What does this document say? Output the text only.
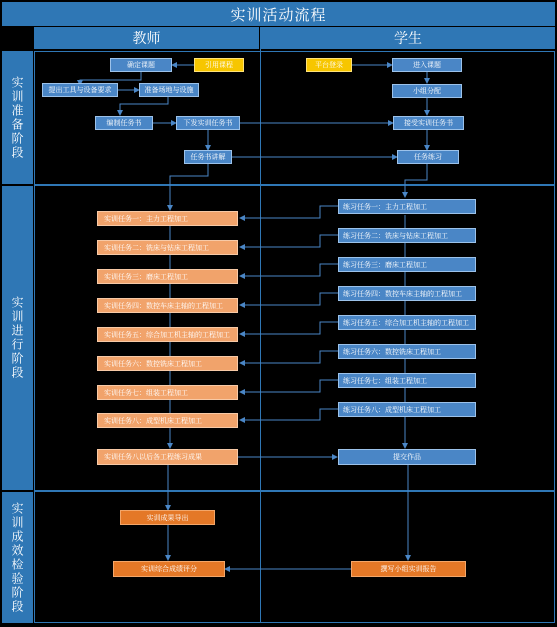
实训活动流程
教师	学生
实训准备阶段
实训进行阶段
实训成效检验阶段
确定课题	引用课程
提出工具与设备要求	准备场地与设施
编制任务书	下发实训任务书
任务书讲解
平台登录	进入课题
小组分配
接受实训任务书
任务练习
实训任务一：主力工程加工
实训任务二：铣床与钻床工程加工
实训任务三：磨床工程加工
实训任务四：数控车床主轴的工程加工
实训任务五：综合加工机主轴的工程加工
实训任务六：数控铣床工程加工
实训任务七：组装工程加工
实训任务八：成型机床工程加工
实训任务八以后各工程练习成果
练习任务一：主力工程加工
练习任务二：铣床与钻床工程加工
练习任务三：磨床工程加工
练习任务四：数控车床主轴的工程加工
练习任务五：综合加工机主轴的工程加工
练习任务六：数控铣床工程加工
练习任务七：组装工程加工
练习任务八：成型机床工程加工
提交作品
实训成果导出
实训综合成绩评分	撰写小组实训报告
